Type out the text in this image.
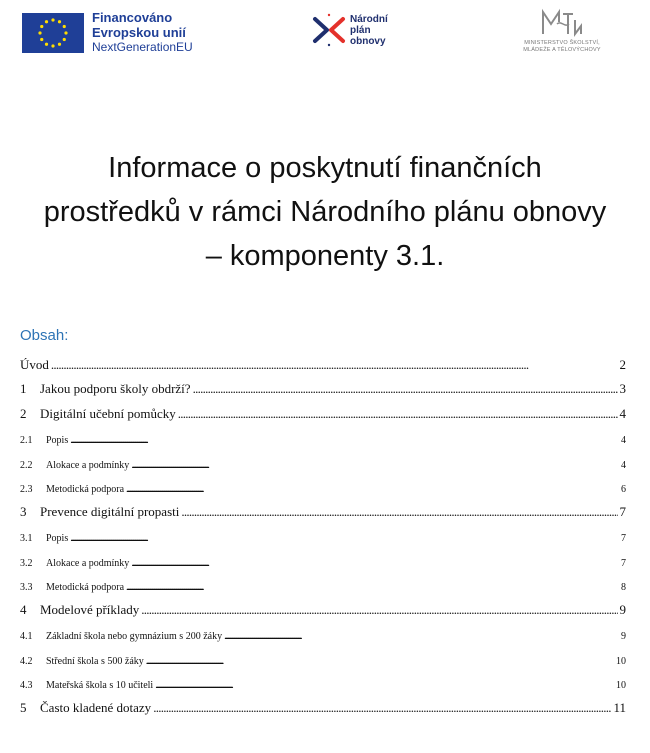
Financováno
Evropskou unií
NextGenerationEU
Národní
plán
obnovy	MINISTERSTVO ŠKOLSTVÍ,
MLÁDEŽE A TĚLOVÝCHOVY
Informace o poskytnutí finančních
prostředků v rámci Národního plánu obnovy
– komponenty 3.1.
Obsah:
Úvod . . .	2
1	Jakou podporu školy obdrží? . . .	3
2	Digitální učební pomůcky . . .	4
2.1	Popis . . .	4
2.2	Alokace a podmínky . . .	4
2.3	Metodická podpora . . .	6
3	Prevence digitální propasti . . .	7
3.1	Popis . . .	7
3.2	Alokace a podmínky . . .	7
3.3	Metodická podpora . . .	8
4	Modelové příklady . . .	9
4.1	Základní škola nebo gymnázium s 200 žáky . . .	9
4.2	Střední škola s 500 žáky . . .	10
4.3	Mateřská škola s 10 učiteli . . .	10
5	Často kladené dotazy . . .	11
